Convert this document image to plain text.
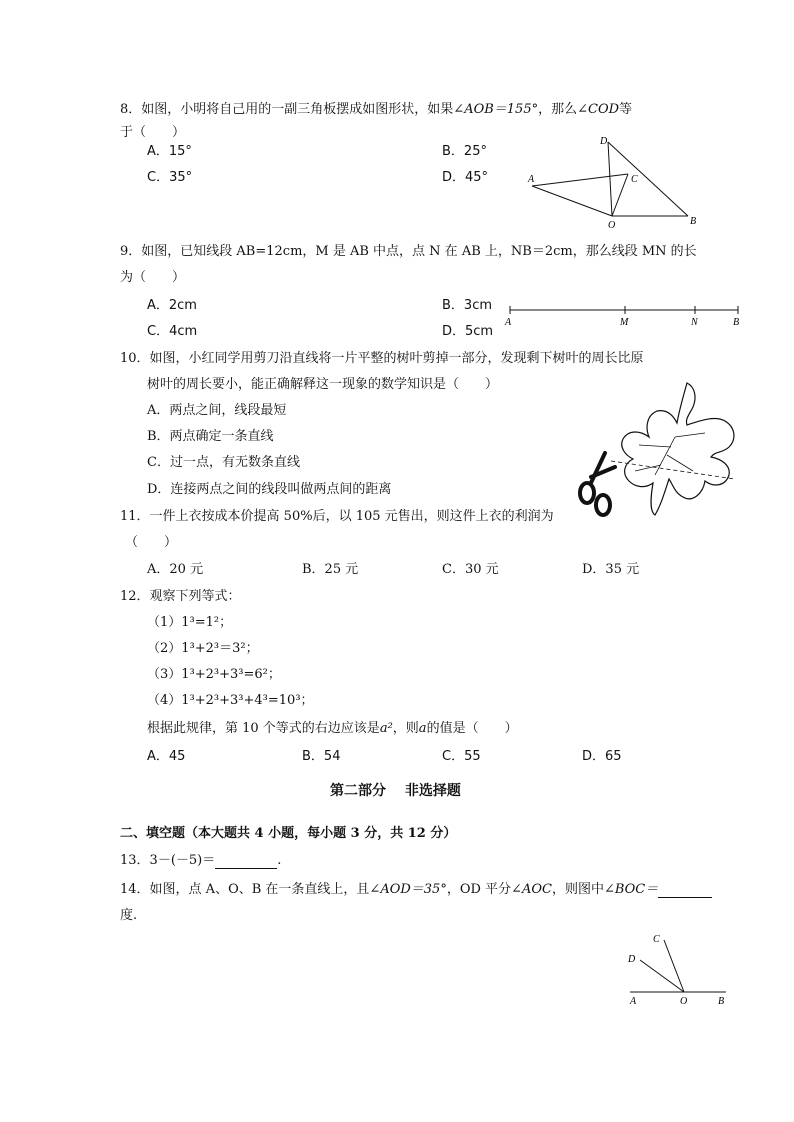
8．如图，小明将自己用的一副三角板摆成如图形状，如果∠AOB＝155°，那么∠COD等
于（　　）
A．15°	B．25°
C．35°	D．45°
D
A	C
O	B
9．如图，已知线段 AB=12cm，M 是 AB 中点，点 N 在 AB 上，NB＝2cm，那么线段 MN 的长
为（　　）
A．2cm	B．3cm
C．4cm	D．5cm
A	M	N	B
10．如图，小红同学用剪刀沿直线将一片平整的树叶剪掉一部分，发现剩下树叶的周长比原
树叶的周长要小，能正确解释这一现象的数学知识是（　　）
A．两点之间，线段最短
B．两点确定一条直线
C．过一点，有无数条直线
D．连接两点之间的线段叫做两点间的距离
11．一件上衣按成本价提高 50%后，以 105 元售出，则这件上衣的利润为
（　　）
A．20 元	B．25 元	C．30 元	D．35 元
12．观察下列等式：
（1）1³=1²；
（2）1³+2³＝3²；
（3）1³+2³+3³=6²；
（4）1³+2³+3³+4³=10³；
根据此规律，第 10 个等式的右边应该是a²，则a的值是（　　）
A．45	B．54	C．55	D．65
第二部分　 非选择题
二、填空题（本大题共 4 小题，每小题 3 分，共 12 分）
13．3－(－5)＝	.
14．如图，点 A、O、B 在一条直线上，且∠AOD＝35°，OD 平分∠AOC，则图中∠BOC＝
度.
C
D
A	O	B
